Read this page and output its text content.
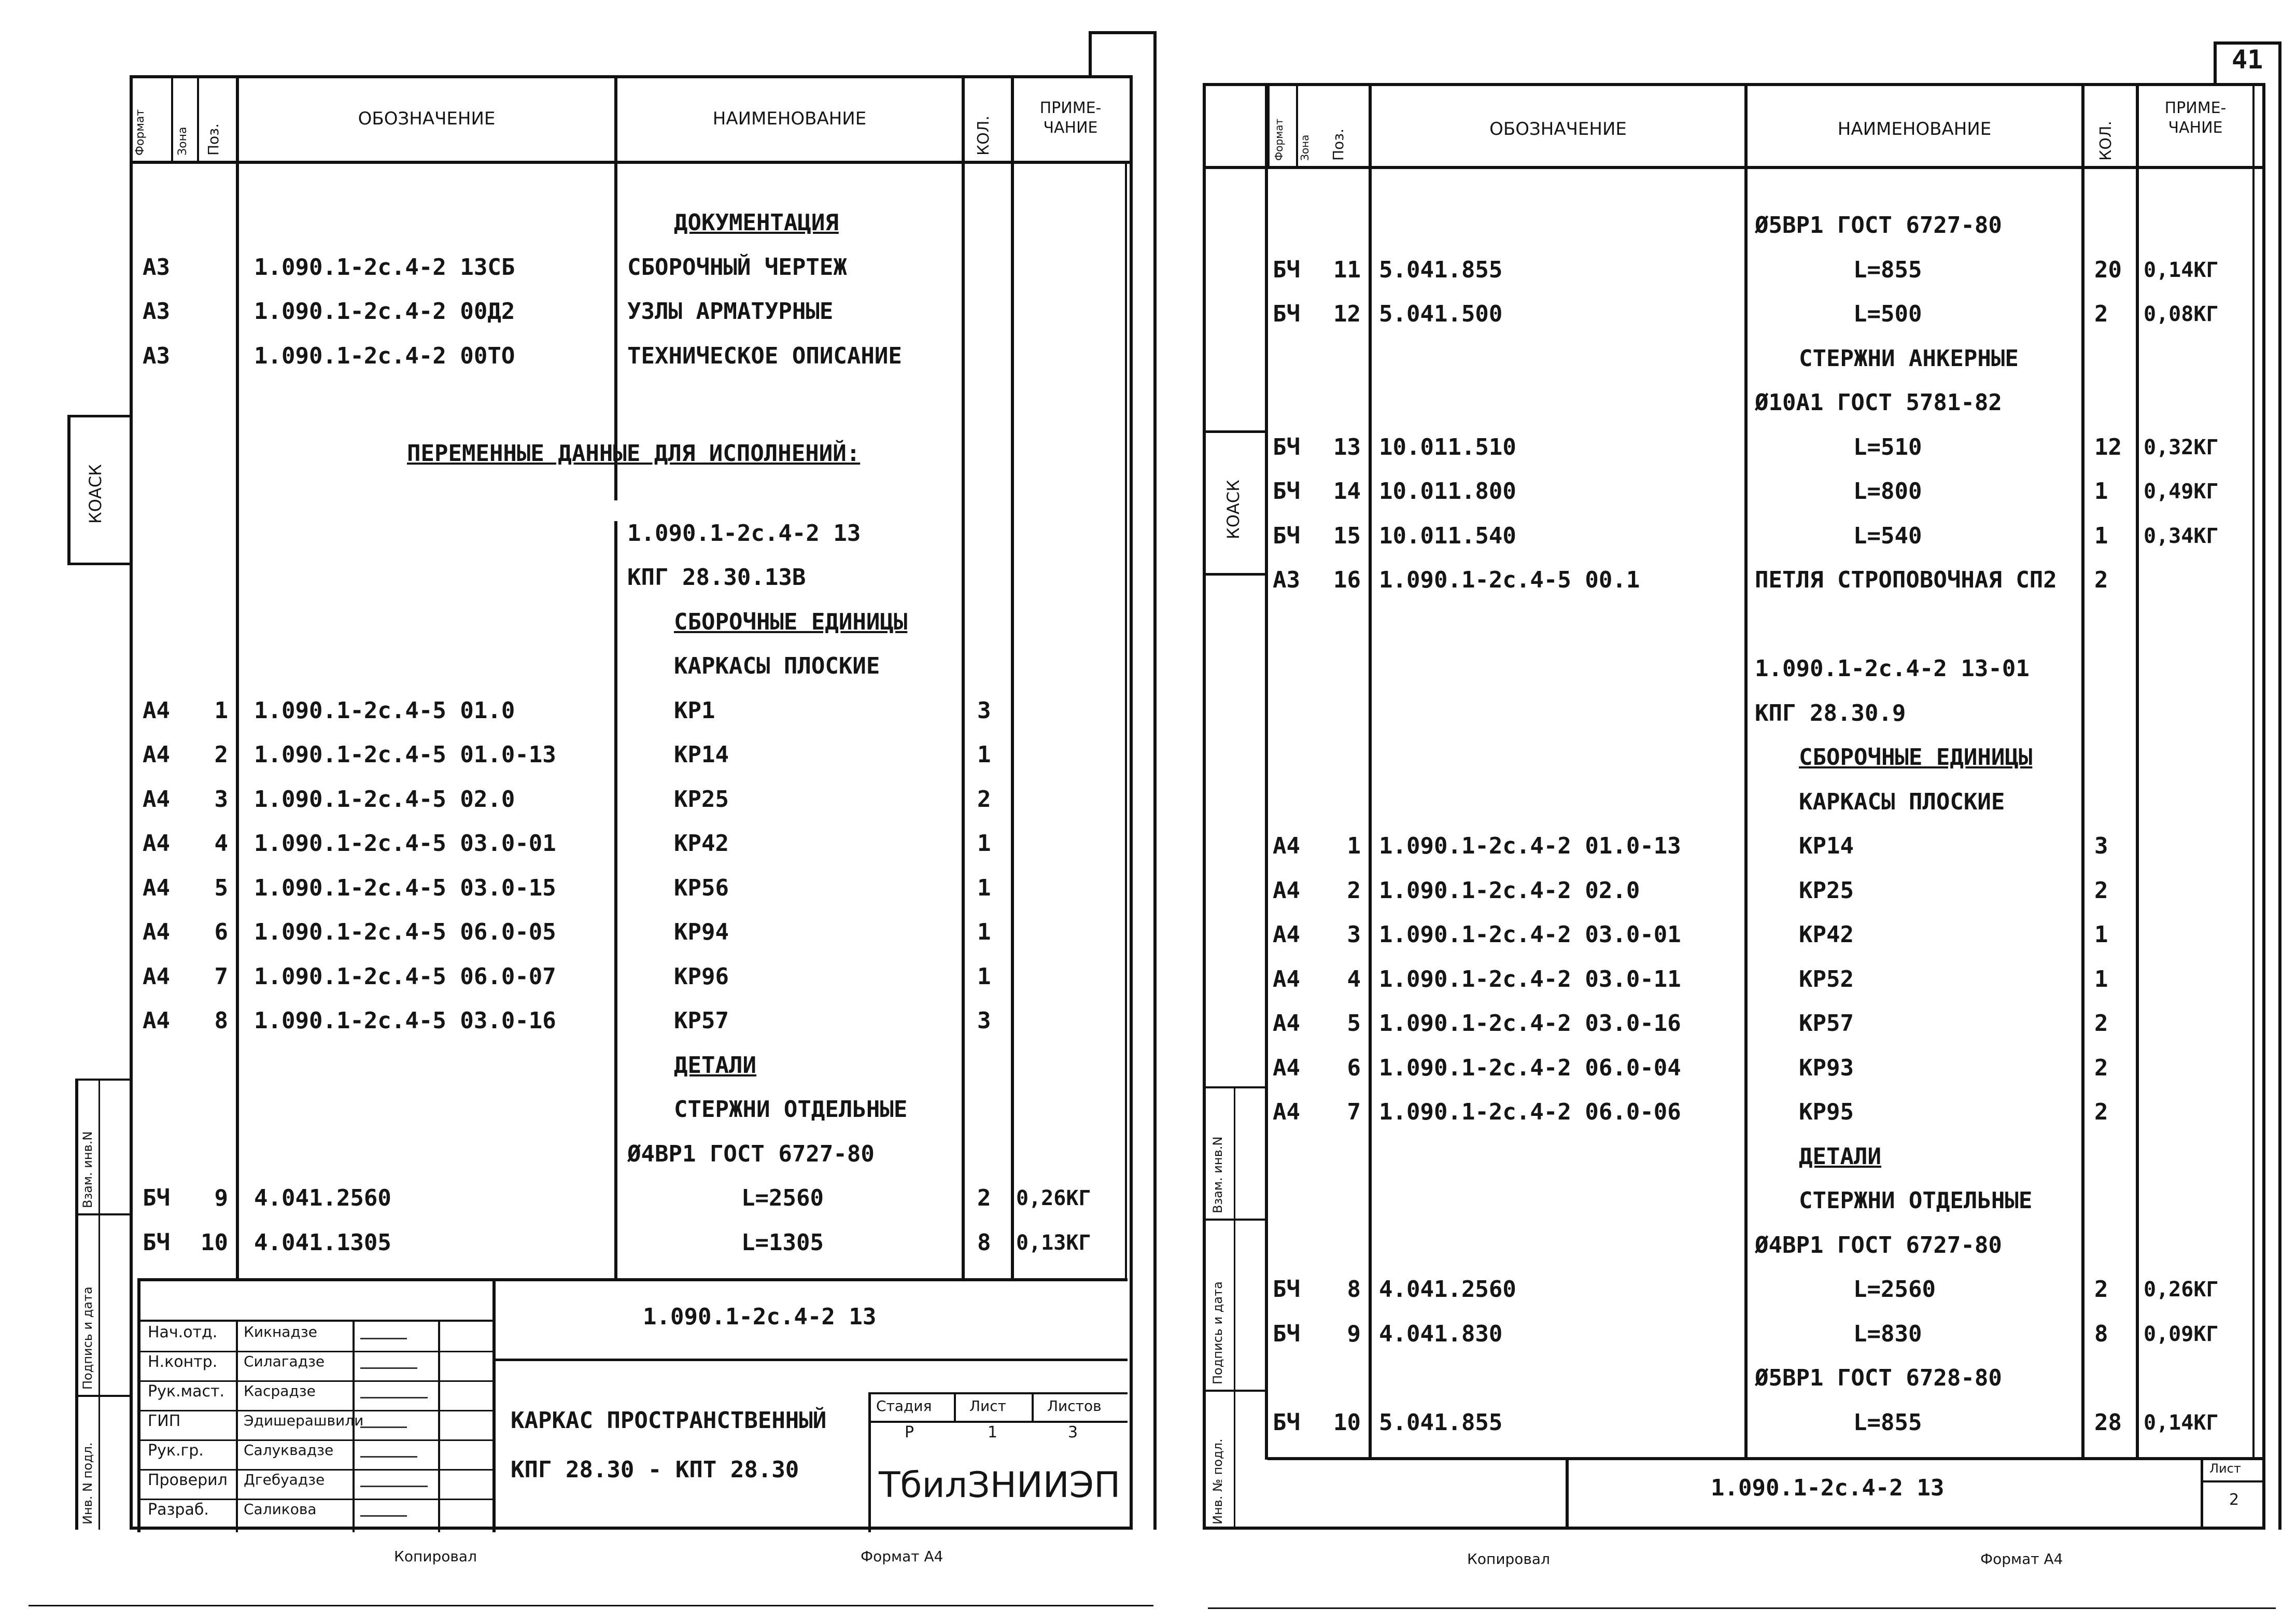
Формат	Зона Поз.
ОБОЗНАЧЕНИЕ	НАИМЕНОВАНИЕ	КОЛ.
ПРИМЕ- ЧАНИЕ
КОАСК
Взам. инв.N
Подпись и дата
Инв. N подл.
ДОКУМЕНТАЦИЯ
А3	1.090.1-2с.4-2 13СБ	СБОРОЧНЫЙ ЧЕРТЕЖ
А3	1.090.1-2с.4-2 00Д2	УЗЛЫ АРМАТУРНЫЕ
А3	1.090.1-2с.4-2 00ТО	ТЕХНИЧЕСКОЕ ОПИСАНИЕ
1.090.1-2с.4-2 13
КПГ 28.30.13В
СБОРОЧНЫЕ ЕДИНИЦЫ
КАРКАСЫ ПЛОСКИЕ
А4 1 1.090.1-2с.4-5 01.0	КР1	3
А4 2 1.090.1-2с.4-5 01.0-13	КР14	1
А4 3 1.090.1-2с.4-5 02.0	КР25	2
А4 4 1.090.1-2с.4-5 03.0-01	КР42	1
А4 5 1.090.1-2с.4-5 03.0-15	КР56	1
А4 6 1.090.1-2с.4-5 06.0-05	КР94	1
А4 7 1.090.1-2с.4-5 06.0-07	КР96	1
А4 8 1.090.1-2с.4-5 03.0-16	КР57	3
ДЕТАЛИ
СТЕРЖНИ ОТДЕЛЬНЫЕ
Ø4ВР1 ГОСТ 6727-80
БЧ 9 4.041.2560	L=2560	2 0,26КГ
БЧ 10 4.041.1305	L=1305	8 0,13КГ
ПЕРЕМЕННЫЕ ДАННЫЕ ДЛЯ ИСПОЛНЕНИЙ:
Нач.отд. Кикнадзе
Н.контр. Силагадзе
Рук.маст. Касрадзе
ГИП	Эдишерашвили
Рук.гр.	Салуквадзе
Проверил Дгебуадзе
Разраб. Саликова
1.090.1-2с.4-2 13
КАРКАС ПРОСТРАНСТВЕННЫЙ
КПГ 28.30 - КПТ 28.30
Стадия	Лист	Листов
Р	1	3
ТбилЗНИИЭП
Копировал	Формат А4
41
Формат Зона Поз.	ОБОЗНАЧЕНИЕ	НАИМЕНОВАНИЕ	КОЛ.
ПРИМЕ- ЧАНИЕ
КОАСК
Взам. инв.N
Подпись и дата
Инв. № подл.
Ø5ВР1 ГОСТ 6727-80
БЧ 11 5.041.855	L=855	20 0,14КГ
БЧ 12 5.041.500	L=500	2 0,08КГ
СТЕРЖНИ АНКЕРНЫЕ
Ø10А1 ГОСТ 5781-82
БЧ 13 10.011.510	L=510	12 0,32КГ
БЧ 14 10.011.800	L=800	1 0,49КГ
БЧ 15 10.011.540	L=540	1 0,34КГ
А3 16 1.090.1-2с.4-5 00.1	ПЕТЛЯ СТРОПОВОЧНАЯ СП2 2
1.090.1-2с.4-2 13-01
КПГ 28.30.9
СБОРОЧНЫЕ ЕДИНИЦЫ
КАРКАСЫ ПЛОСКИЕ
А4 1 1.090.1-2с.4-2 01.0-13	КР14	3
А4 2 1.090.1-2с.4-2 02.0	КР25	2
А4 3 1.090.1-2с.4-2 03.0-01	КР42	1
А4 4 1.090.1-2с.4-2 03.0-11	КР52	1
А4 5 1.090.1-2с.4-2 03.0-16	КР57	2
А4 6 1.090.1-2с.4-2 06.0-04	КР93	2
А4 7 1.090.1-2с.4-2 06.0-06	КР95	2
ДЕТАЛИ
СТЕРЖНИ ОТДЕЛЬНЫЕ
Ø4ВР1 ГОСТ 6727-80
БЧ 8 4.041.2560	L=2560	2 0,26КГ
БЧ 9 4.041.830	L=830	8 0,09КГ
Ø5ВР1 ГОСТ 6728-80
БЧ 10 5.041.855	L=855	28 0,14КГ
1.090.1-2с.4-2 13
Лист
2
Копировал	Формат А4
